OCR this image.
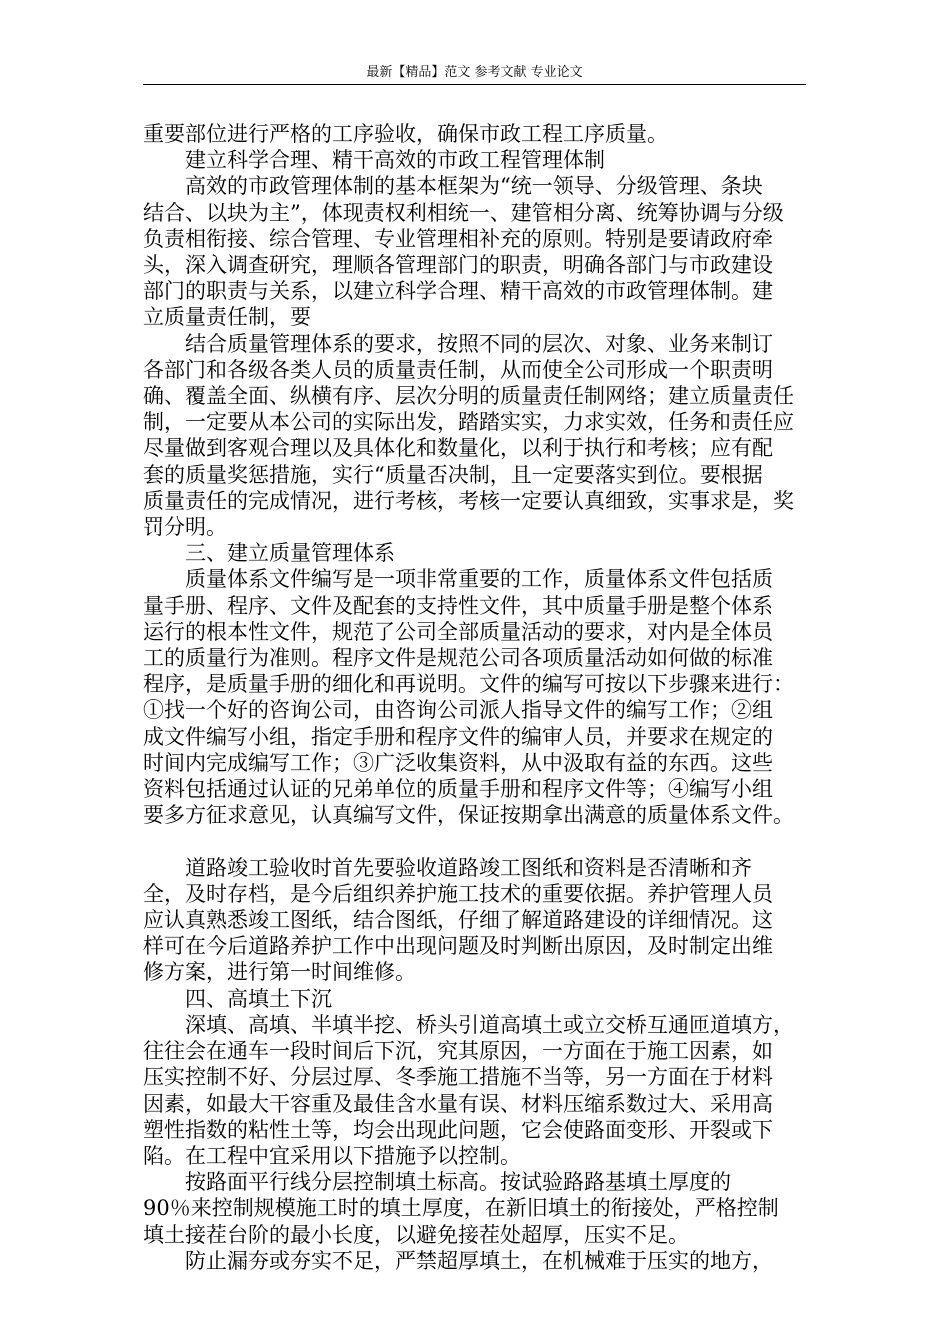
最新【精品】范文 参考文献 专业论文

重要部位进行严格的工序验收，确保市政工程工序质量。

　　建立科学合理、精干高效的市政工程管理体制

　　高效的市政管理体制的基本框架为“统一领导、分级管理、条块

结合、以块为主”，体现责权利相统一、建管相分离、统筹协调与分级

负责相衔接、综合管理、专业管理相补充的原则。特别是要请政府牵

头，深入调查研究，理顺各管理部门的职责，明确各部门与市政建设

部门的职责与关系，以建立科学合理、精干高效的市政管理体制。建

立质量责任制，要

　　结合质量管理体系的要求，按照不同的层次、对象、业务来制订

各部门和各级各类人员的质量责任制，从而使全公司形成一个职责明

确、覆盖全面、纵横有序、层次分明的质量责任制网络；建立质量责任

制，一定要从本公司的实际出发，踏踏实实，力求实效，任务和责任应

尽量做到客观合理以及具体化和数量化，以利于执行和考核；应有配

套的质量奖惩措施，实行“质量否决制，且一定要落实到位。要根据

质量责任的完成情况，进行考核，考核一定要认真细致，实事求是，奖

罚分明。

　　三、建立质量管理体系

　　质量体系文件编写是一项非常重要的工作，质量体系文件包括质

量手册、程序、文件及配套的支持性文件，其中质量手册是整个体系

运行的根本性文件，规范了公司全部质量活动的要求，对内是全体员

工的质量行为准则。程序文件是规范公司各项质量活动如何做的标准

程序，是质量手册的细化和再说明。文件的编写可按以下步骤来进行：

①找一个好的咨询公司，由咨询公司派人指导文件的编写工作；②组

成文件编写小组，指定手册和程序文件的编审人员，并要求在规定的

时间内完成编写工作；③广泛收集资料，从中汲取有益的东西。这些

资料包括通过认证的兄弟单位的质量手册和程序文件等；④编写小组

要多方征求意见，认真编写文件，保证按期拿出满意的质量体系文件。

　　道路竣工验收时首先要验收道路竣工图纸和资料是否清晰和齐

全，及时存档，是今后组织养护施工技术的重要依据。养护管理人员

应认真熟悉竣工图纸，结合图纸，仔细了解道路建设的详细情况。这

样可在今后道路养护工作中出现问题及时判断出原因，及时制定出维

修方案，进行第一时间维修。

　　四、高填土下沉

　　深填、高填、半填半挖、桥头引道高填土或立交桥互通匝道填方，

往往会在通车一段时间后下沉，究其原因，一方面在于施工因素，如

压实控制不好、分层过厚、冬季施工措施不当等，另一方面在于材料

因素，如最大干容重及最佳含水量有误、材料压缩系数过大、采用高

塑性指数的粘性土等，均会出现此问题，它会使路面变形、开裂或下

陷。在工程中宜采用以下措施予以控制。

　　按路面平行线分层控制填土标高。按试验路路基填土厚度的

90％来控制规模施工时的填土厚度，在新旧填土的衔接处，严格控制

填土接茬台阶的最小长度，以避免接茬处超厚，压实不足。

　　防止漏夯或夯实不足，严禁超厚填土，在机械难于压实的地方，
